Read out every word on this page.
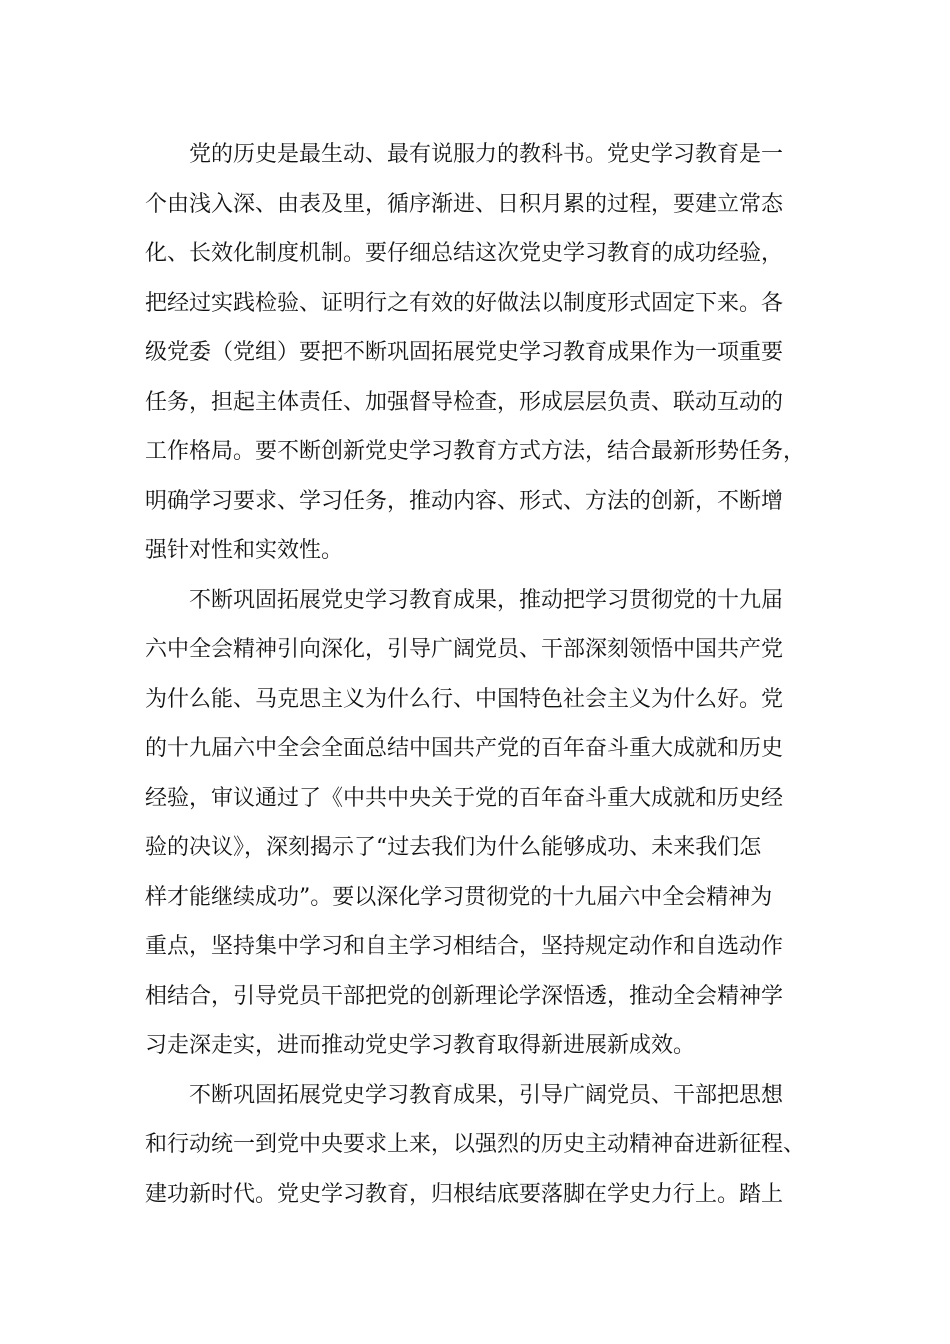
党的历史是最生动、最有说服力的教科书。党史学习教育是一
个由浅入深、由表及里，循序渐进、日积月累的过程，要建立常态
化、长效化制度机制。要仔细总结这次党史学习教育的成功经验，
把经过实践检验、证明行之有效的好做法以制度形式固定下来。各
级党委（党组）要把不断巩固拓展党史学习教育成果作为一项重要
任务，担起主体责任、加强督导检查，形成层层负责、联动互动的
工作格局。要不断创新党史学习教育方式方法，结合最新形势任务，
明确学习要求、学习任务，推动内容、形式、方法的创新，不断增
强针对性和实效性。
不断巩固拓展党史学习教育成果，推动把学习贯彻党的十九届
六中全会精神引向深化，引导广阔党员、干部深刻领悟中国共产党
为什么能、马克思主义为什么行、中国特色社会主义为什么好。党
的十九届六中全会全面总结中国共产党的百年奋斗重大成就和历史
经验，审议通过了《中共中央关于党的百年奋斗重大成就和历史经
验的决议》，深刻揭示了“过去我们为什么能够成功、未来我们怎
样才能继续成功”。要以深化学习贯彻党的十九届六中全会精神为
重点，坚持集中学习和自主学习相结合，坚持规定动作和自选动作
相结合，引导党员干部把党的创新理论学深悟透，推动全会精神学
习走深走实，进而推动党史学习教育取得新进展新成效。
不断巩固拓展党史学习教育成果，引导广阔党员、干部把思想
和行动统一到党中央要求上来，以强烈的历史主动精神奋进新征程、
建功新时代。党史学习教育，归根结底要落脚在学史力行上。踏上
